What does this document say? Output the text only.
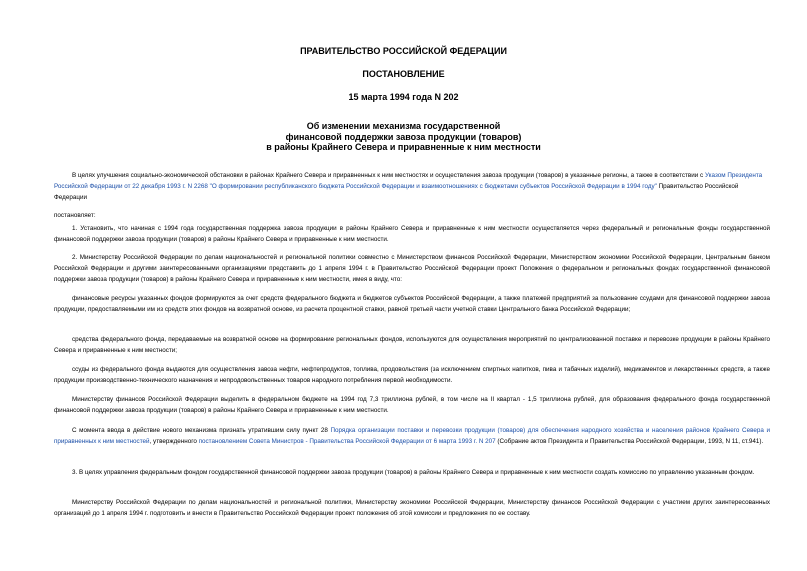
ПРАВИТЕЛЬСТВО РОССИЙСКОЙ ФЕДЕРАЦИИ
ПОСТАНОВЛЕНИЕ
15 марта 1994 года N 202
Об изменении механизма государственной
финансовой поддержки завоза продукции (товаров)
в районы Крайнего Севера и приравненные к ним местности

В целях улучшения социально-экономической обстановки в районах Крайнего Севера и приравненных к ним местностях и осуществления завоза продукции (товаров) в указанные регионы, а также в соответствии с Указом Президента Российской Федерации от 22 декабря 1993 г. N 2268 "О формировании республиканского бюджета Российской Федерации и взаимоотношениях с бюджетами субъектов Российской Федерации в 1994 году" Правительство Российской Федерации

постановляет:

1. Установить, что начиная с 1994 года государственная поддержка завоза продукции в районы Крайнего Севера и приравненные к ним местности осуществляется через федеральный и региональные фонды государственной финансовой поддержки завоза продукции (товаров) в районы Крайнего Севера и приравненные к ним местности.

2. Министерству Российской Федерации по делам национальностей и региональной политики совместно с Министерством финансов Российской Федерации, Министерством экономики Российской Федерации, Центральным банком Российской Федерации и другими заинтересованными организациями представить до 1 апреля 1994 г. в Правительство Российской Федерации проект Положения о федеральном и региональных фондах государственной финансовой поддержки завоза продукции (товаров) в районы Крайнего Севера и приравненные к ним местности, имея в виду, что:

финансовые ресурсы указанных фондов формируются за счет средств федерального бюджета и бюджетов субъектов Российской Федерации, а также платежей предприятий за пользование ссудами для финансовой поддержки завоза продукции, предоставляемыми им из средств этих фондов на возвратной основе, из расчета процентной ставки, равной третьей части учетной ставки Центрального банка Российской Федерации;

средства федерального фонда, передаваемые на возвратной основе на формирование региональных фондов, используются для осуществления мероприятий по централизованной поставке и перевозке продукции в районы Крайнего Севера и приравненные к ним местности;

ссуды из федерального фонда выдаются для осуществления завоза нефти, нефтепродуктов, топлива, продовольствия (за исключением спиртных напитков, пива и табачных изделий), медикаментов и лекарственных средств, а также продукции производственно-технического назначения и непродовольственных товаров народного потребления первой необходимости.

Министерству финансов Российской Федерации выделить в федеральном бюджете на 1994 год 7,3 триллиона рублей, в том числе на II квартал - 1,5 триллиона рублей, для образования федерального фонда государственной финансовой поддержки завоза продукции (товаров) в районы Крайнего Севера и приравненные к ним местности.

С момента ввода в действие нового механизма признать утратившим силу пункт 28 Порядка организации поставки и перевозки продукции (товаров) для обеспечения народного хозяйства и населения районов Крайнего Севера и приравненных к ним местностей, утвержденного постановлением Совета Министров - Правительства Российской Федерации от 6 марта 1993 г. N 207 (Собрание актов Президента и Правительства Российской Федерации, 1993, N 11, ст.941).

3. В целях управления федеральным фондом государственной финансовой поддержки завоза продукции (товаров) в районы Крайнего Севера и приравненные к ним местности создать комиссию по управлению указанным фондом.

Министерству Российской Федерации по делам национальностей и региональной политики, Министерству экономики Российской Федерации, Министерству финансов Российской Федерации с участием других заинтересованных организаций до 1 апреля 1994 г. подготовить и внести в Правительство Российской Федерации проект положения об этой комиссии и предложения по ее составу.
